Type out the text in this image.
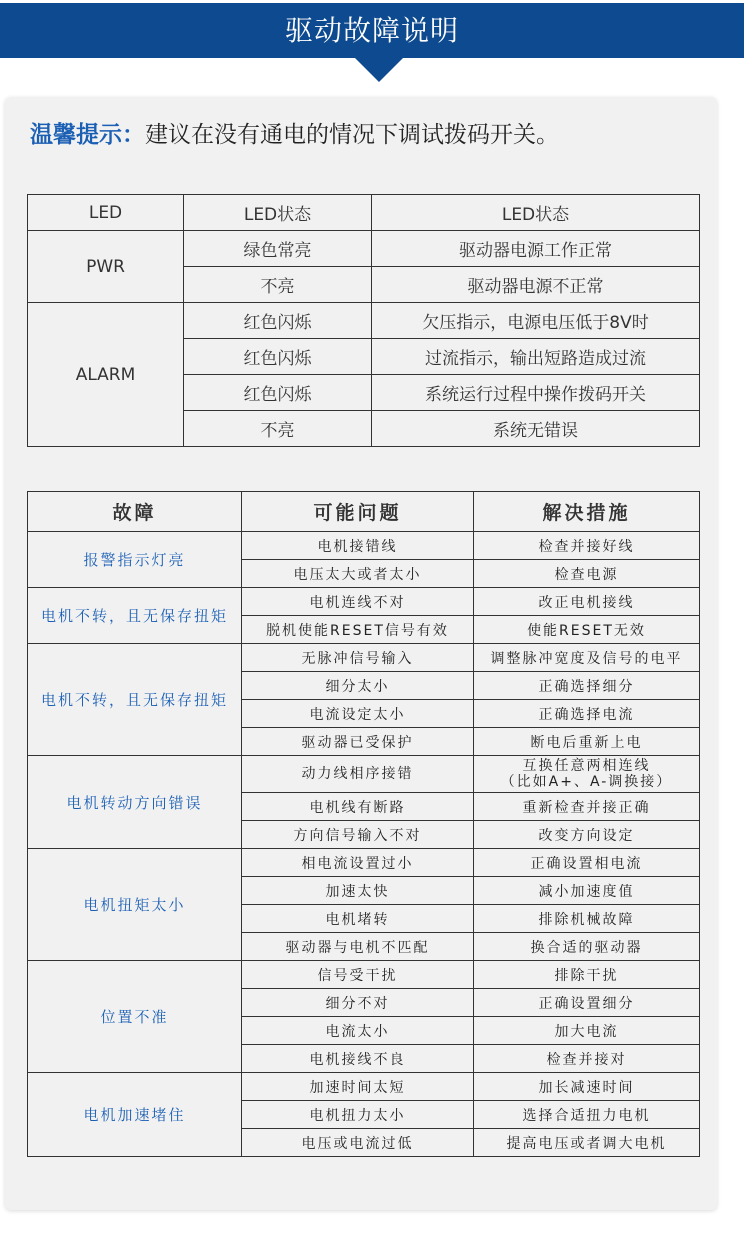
驱动故障说明
温馨提示：建议在没有通电的情况下调试拨码开关。
LED	LED状态	LED状态
PWR	绿色常亮	驱动器电源工作正常
	不亮	驱动器电源不正常
ALARM	红色闪烁	欠压指示，电源电压低于8V时
	红色闪烁	过流指示，输出短路造成过流
	红色闪烁	系统运行过程中操作拨码开关
	不亮	系统无错误
故障	可能问题	解决措施
报警指示灯亮	电机接错线	检查并接好线
	电压太大或者太小	检查电源
电机不转，且无保存扭矩	电机连线不对	改正电机接线
	脱机使能RESET信号有效	使能RESET无效
电机不转，且无保存扭矩	无脉冲信号输入	调整脉冲宽度及信号的电平
	细分太小	正确选择细分
	电流设定太小	正确选择电流
	驱动器已受保护	断电后重新上电
电机转动方向错误	动力线相序接错	互换任意两相连线
（比如A+、A-调换接）

	电机线有断路	重新检查并接正确
	方向信号输入不对	改变方向设定
电机扭矩太小	相电流设置过小	正确设置相电流
	加速太快	减小加速度值
	电机堵转	排除机械故障
	驱动器与电机不匹配	换合适的驱动器
位置不准	信号受干扰	排除干扰
	细分不对	正确设置细分
	电流太小	加大电流
	电机接线不良	检查并接对
电机加速堵住	加速时间太短	加长减速时间
	电机扭力太小	选择合适扭力电机
	电压或电流过低	提高电压或者调大电机
